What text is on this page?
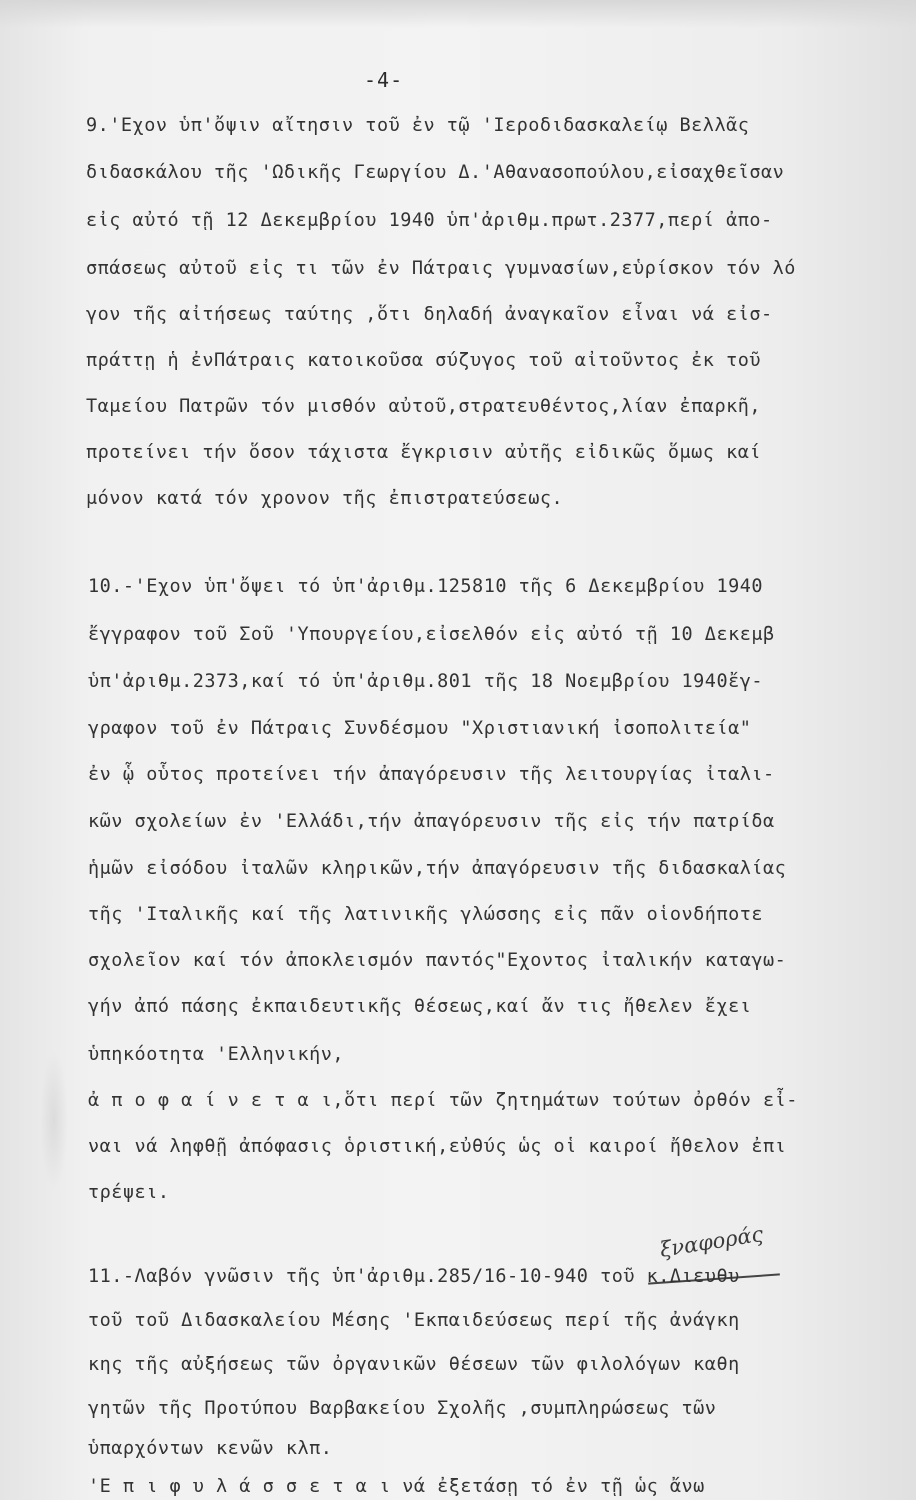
-4-

9.'Εχον ὑπ'ὄψιν αἴτησιν τοῦ ἐν τῷ 'Ιεροδιδασκαλείῳ Βελλᾶς

διδασκάλου τῆς 'Ωδικῆς Γεωργίου Δ.'Αθανασοπούλου,εἰσαχθεῖσαν

εἰς αὐτό τῇ 12 Δεκεμβρίου 1940 ὑπ'ἀριθμ.πρωτ.2377,περί ἀπο-

σπάσεως αὐτοῦ εἰς τι τῶν ἐν Πάτραις γυμνασίων,εὑρίσκον τόν λό

γον τῆς αἰτήσεως ταύτης ,ὅτι δηλαδή ἀναγκαῖον εἶναι νά εἰσ-

πράττῃ ἡ ἐνΠάτραις κατοικοῦσα σύζυγος τοῦ αἰτοῦντος ἐκ τοῦ

Ταμείου Πατρῶν τόν μισθόν αὐτοῦ,στρατευθέντος,λίαν ἐπαρκῆ,

προτείνει τήν ὅσον τάχιστα ἔγκρισιν αὐτῆς εἰδικῶς ὅμως καί

μόνον κατά τόν χρονον τῆς ἐπιστρατεύσεως.

10.-'Εχον ὑπ'ὄψει τό ὑπ'ἀριθμ.125810 τῆς 6 Δεκεμβρίου 1940

ἔγγραφον τοῦ Σοῦ 'Υπουργείου,εἰσελθόν εἰς αὐτό τῇ 10 Δεκεμβ

ὑπ'ἀριθμ.2373,καί τό ὑπ'ἀριθμ.801 τῆς 18 Νοεμβρίου 1940ἔγ-

γραφον τοῦ ἐν Πάτραις Συνδέσμου "Χριστιανική ἰσοπολιτεία"

ἐν ᾧ οὗτος προτείνει τήν ἀπαγόρευσιν τῆς λειτουργίας ἰταλι-

κῶν σχολείων ἐν 'Ελλάδι,τήν ἀπαγόρευσιν τῆς εἰς τήν πατρίδα

ἡμῶν εἰσόδου ἰταλῶν κληρικῶν,τήν ἀπαγόρευσιν τῆς διδασκαλίας

τῆς 'Ιταλικῆς καί τῆς λατινικῆς γλώσσης εἰς πᾶν οἱονδήποτε

σχολεῖον καί τόν ἀποκλεισμόν παντός"Εχοντος ἰταλικήν καταγω-

γήν ἀπό πάσης ἐκπαιδευτικῆς θέσεως,καί ἄν τις ἤθελεν ἔχει

ὑπηκόοτητα 'Ελληνικήν,

ἀ π ο φ α ί ν ε τ α ι,ὅτι περί τῶν ζητημάτων τούτων ὀρθόν εἶ-

ναι νά ληφθῇ ἀπόφασις ὁριστική,εὐθύς ὡς οἱ καιροί ἤθελον ἐπι

τρέψει.

ξναφοράς

11.-Λαβόν γνῶσιν τῆς ὑπ'ἀριθμ.285/16-10-940 τοῦ κ.Διευθυ

τοῦ τοῦ Διδασκαλείου Μέσης 'Εκπαιδεύσεως περί τῆς ἀνάγκη

κης τῆς αὐξήσεως τῶν ὀργανικῶν θέσεων τῶν φιλολόγων καθη

γητῶν τῆς Προτύπου Βαρβακείου Σχολῆς ,συμπληρώσεως τῶν

ὑπαρχόντων κενῶν κλπ.

'Ε π ι φ υ λ ά σ σ ε τ α ι νά ἐξετάσῃ τό ἐν τῇ ὡς ἄνω
